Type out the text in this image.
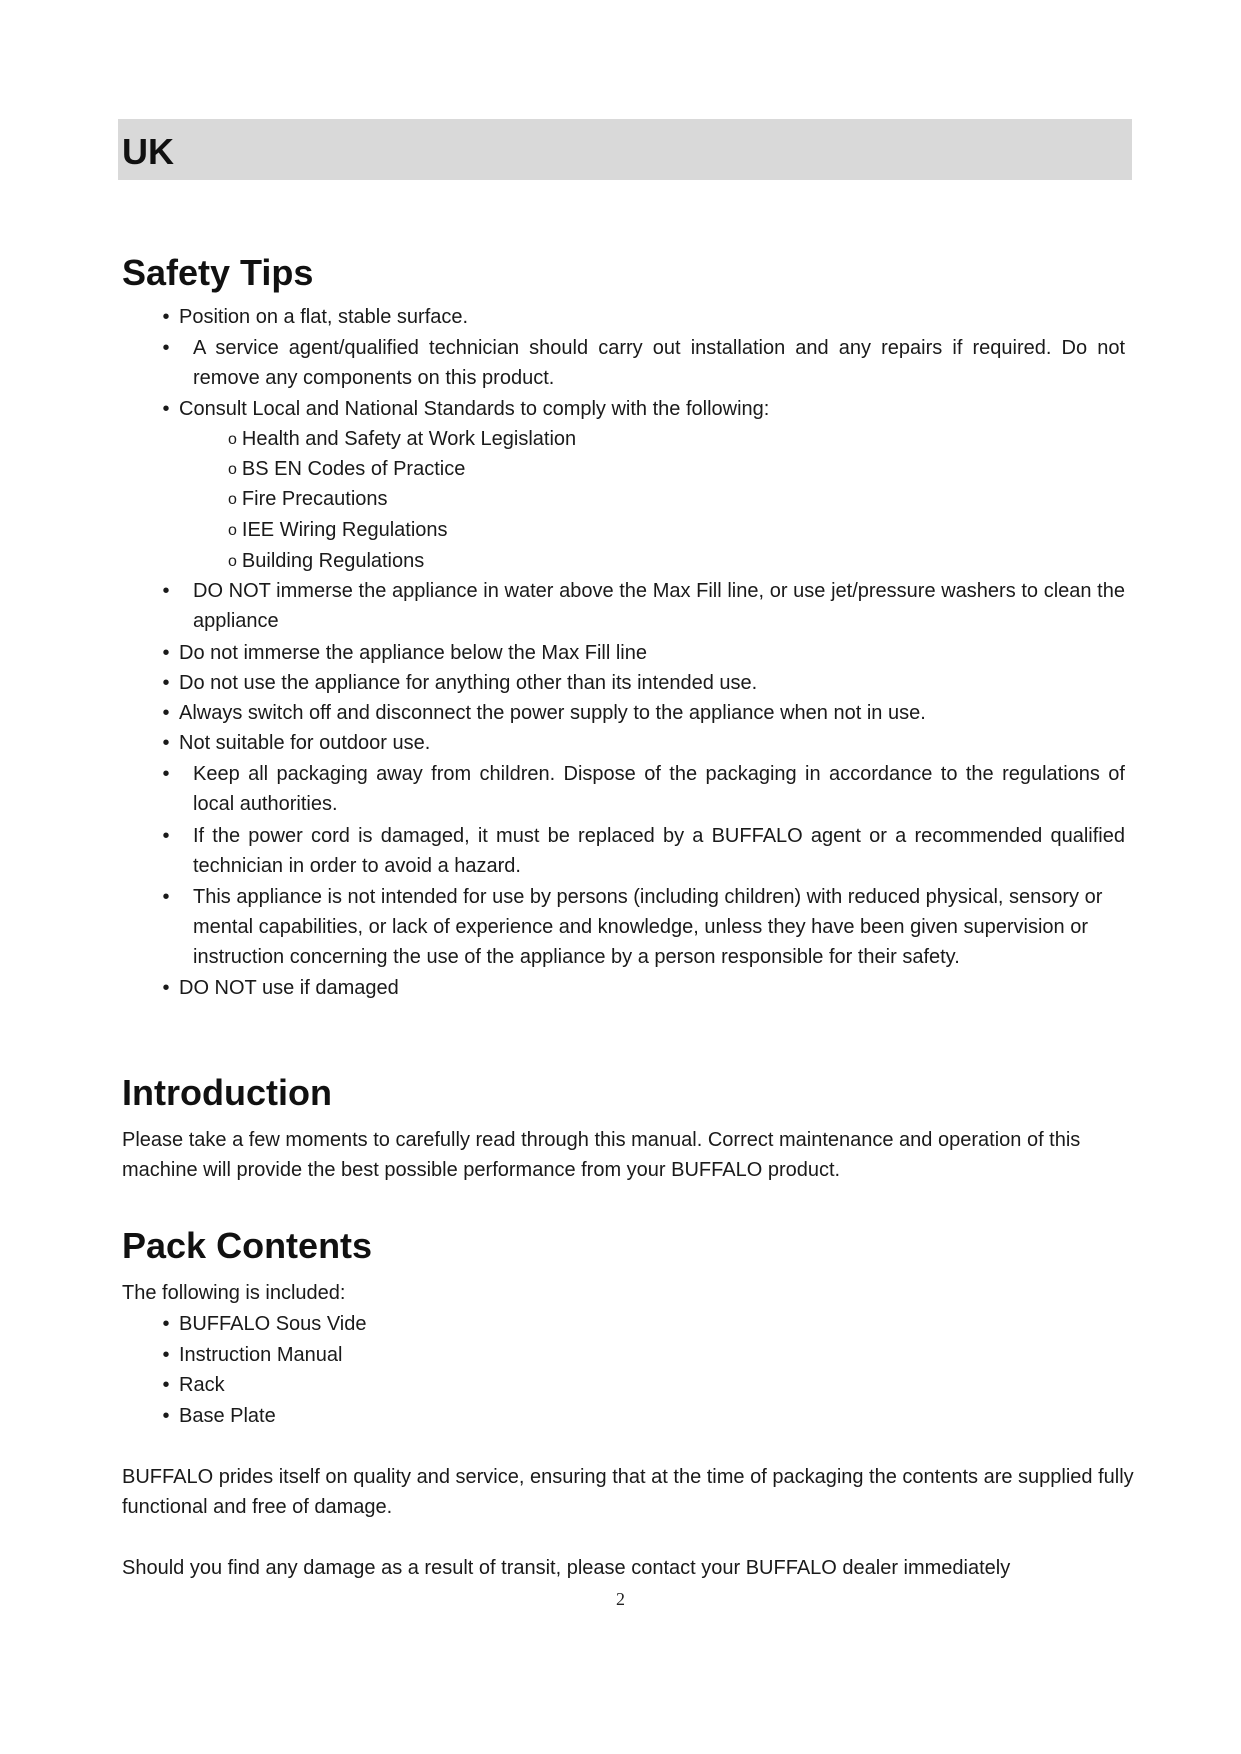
UK
Safety Tips
• Position on a flat, stable surface.
• A service agent/qualified technician should carry out installation and any repairs if required. Do not remove any components on this product.
• Consult Local and National Standards to comply with the following:
o Health and Safety at Work Legislation
o BS EN Codes of Practice
o Fire Precautions
o IEE Wiring Regulations
o Building Regulations
• DO NOT immerse the appliance in water above the Max Fill line, or use jet/pressure washers to clean the appliance
• Do not immerse the appliance below the Max Fill line
• Do not use the appliance for anything other than its intended use.
• Always switch off and disconnect the power supply to the appliance when not in use.
• Not suitable for outdoor use.
• Keep all packaging away from children. Dispose of the packaging in accordance to the regulations of local authorities.
• If the power cord is damaged, it must be replaced by a BUFFALO agent or a recommended qualified technician in order to avoid a hazard.
• This appliance is not intended for use by persons (including children) with reduced physical, sensory or mental capabilities, or lack of experience and knowledge, unless they have been given supervision or instruction concerning the use of the appliance by a person responsible for their safety.
• DO NOT use if damaged
Introduction
Please take a few moments to carefully read through this manual. Correct maintenance and operation of this machine will provide the best possible performance from your BUFFALO product.
Pack Contents
The following is included:
• BUFFALO Sous Vide
• Instruction Manual
• Rack
• Base Plate
BUFFALO prides itself on quality and service, ensuring that at the time of packaging the contents are supplied fully functional and free of damage.
Should you find any damage as a result of transit, please contact your BUFFALO dealer immediately
2
